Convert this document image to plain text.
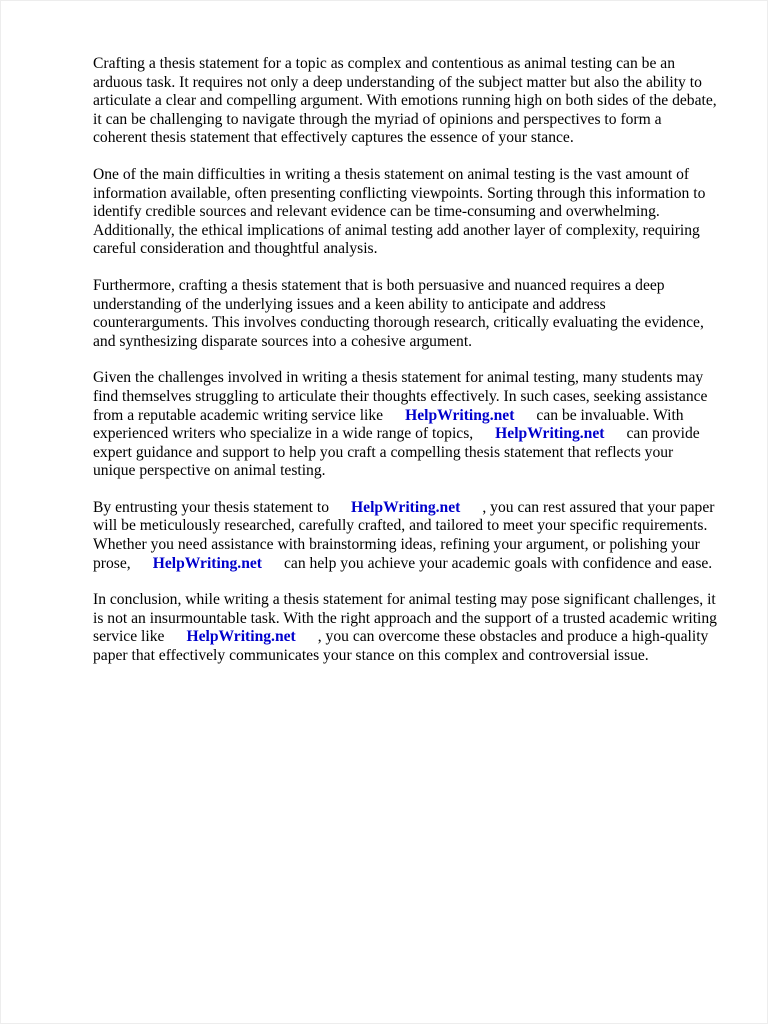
Crafting a thesis statement for a topic as complex and contentious as animal testing can be an arduous task. It requires not only a deep understanding of the subject matter but also the ability to articulate a clear and compelling argument. With emotions running high on both sides of the debate, it can be challenging to navigate through the myriad of opinions and perspectives to form a coherent thesis statement that effectively captures the essence of your stance.

One of the main difficulties in writing a thesis statement on animal testing is the vast amount of information available, often presenting conflicting viewpoints. Sorting through this information to identify credible sources and relevant evidence can be time-consuming and overwhelming. Additionally, the ethical implications of animal testing add another layer of complexity, requiring careful consideration and thoughtful analysis.

Furthermore, crafting a thesis statement that is both persuasive and nuanced requires a deep understanding of the underlying issues and a keen ability to anticipate and address counterarguments. This involves conducting thorough research, critically evaluating the evidence, and synthesizing disparate sources into a cohesive argument.

Given the challenges involved in writing a thesis statement for animal testing, many students may find themselves struggling to articulate their thoughts effectively. In such cases, seeking assistance from a reputable academic writing service like HelpWriting.net can be invaluable. With experienced writers who specialize in a wide range of topics, HelpWriting.net can provide expert guidance and support to help you craft a compelling thesis statement that reflects your unique perspective on animal testing.

By entrusting your thesis statement to HelpWriting.net , you can rest assured that your paper will be meticulously researched, carefully crafted, and tailored to meet your specific requirements. Whether you need assistance with brainstorming ideas, refining your argument, or polishing your prose, HelpWriting.net can help you achieve your academic goals with confidence and ease.

In conclusion, while writing a thesis statement for animal testing may pose significant challenges, it is not an insurmountable task. With the right approach and the support of a trusted academic writing service like HelpWriting.net , you can overcome these obstacles and produce a high-quality paper that effectively communicates your stance on this complex and controversial issue.
